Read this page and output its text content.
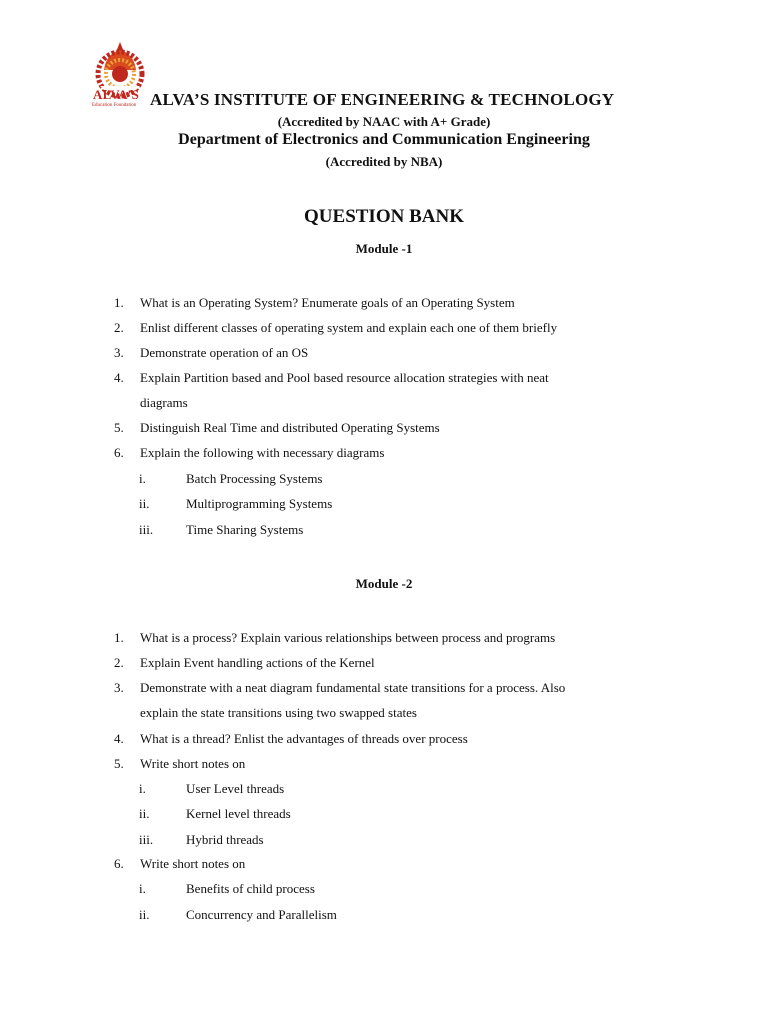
ALVA'S
Education Foundation ALVA’S INSTITUTE OF ENGINEERING & TECHNOLOGY
(Accredited by NAAC with A+ Grade)
Department of Electronics and Communication Engineering
(Accredited by NBA)
QUESTION BANK
Module -1
1.	What is an Operating System? Enumerate goals of an Operating System
2.	Enlist different classes of operating system and explain each one of them briefly
3.	Demonstrate operation of an OS
4.	Explain Partition based and Pool based resource allocation strategies with neat
diagrams
5.	Distinguish Real Time and distributed Operating Systems
6.	Explain the following with necessary diagrams
i.	Batch Processing Systems
ii.	Multiprogramming Systems
iii.	Time Sharing Systems
Module -2
1.	What is a process? Explain various relationships between process and programs
2.	Explain Event handling actions of the Kernel
3.	Demonstrate with a neat diagram fundamental state transitions for a process. Also
explain the state transitions using two swapped states
4.	What is a thread? Enlist the advantages of threads over process
5.	Write short notes on
i.	User Level threads
ii.	Kernel level threads
iii.	Hybrid threads
6.	Write short notes on
i.	Benefits of child process
ii.	Concurrency and Parallelism
